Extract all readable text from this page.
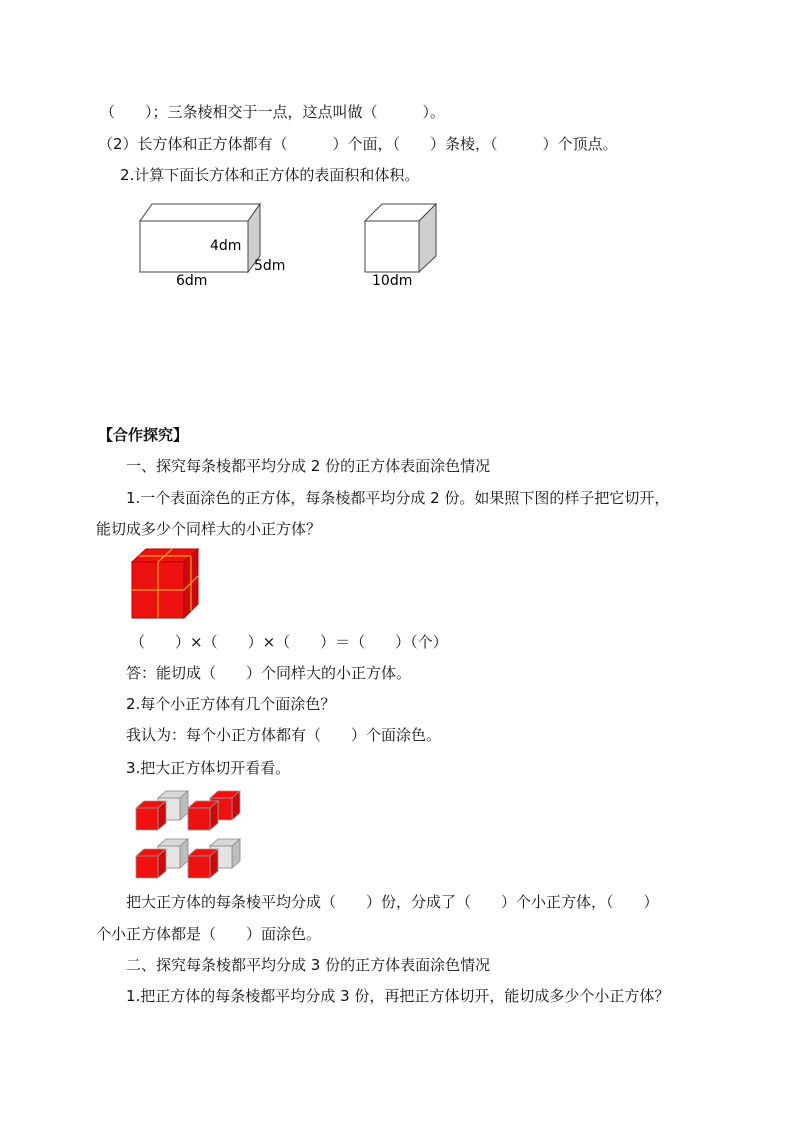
（　　）；三条棱相交于一点，这点叫做（　　　）。
（2）长方体和正方体都有（　　　）个面，（　　）条棱，（　　　）个顶点。
2.计算下面长方体和正方体的表面积和体积。
4dm
5dm
6dm	10dm
【合作探究】
一、探究每条棱都平均分成 2 份的正方体表面涂色情况
1.一个表面涂色的正方体，每条棱都平均分成 2 份。如果照下图的样子把它切开，
能切成多少个同样大的小正方体？
（　　）×（　　）×（　　）＝（　　）（个）
答：能切成（　　）个同样大的小正方体。
2.每个小正方体有几个面涂色？
我认为：每个小正方体都有（　　）个面涂色。
3.把大正方体切开看看。
把大正方体的每条棱平均分成（　　）份，分成了（　　）个小正方体，（　　）
个小正方体都是（　　）面涂色。
二、探究每条棱都平均分成 3 份的正方体表面涂色情况
1.把正方体的每条棱都平均分成 3 份，再把正方体切开，能切成多少个小正方体？
